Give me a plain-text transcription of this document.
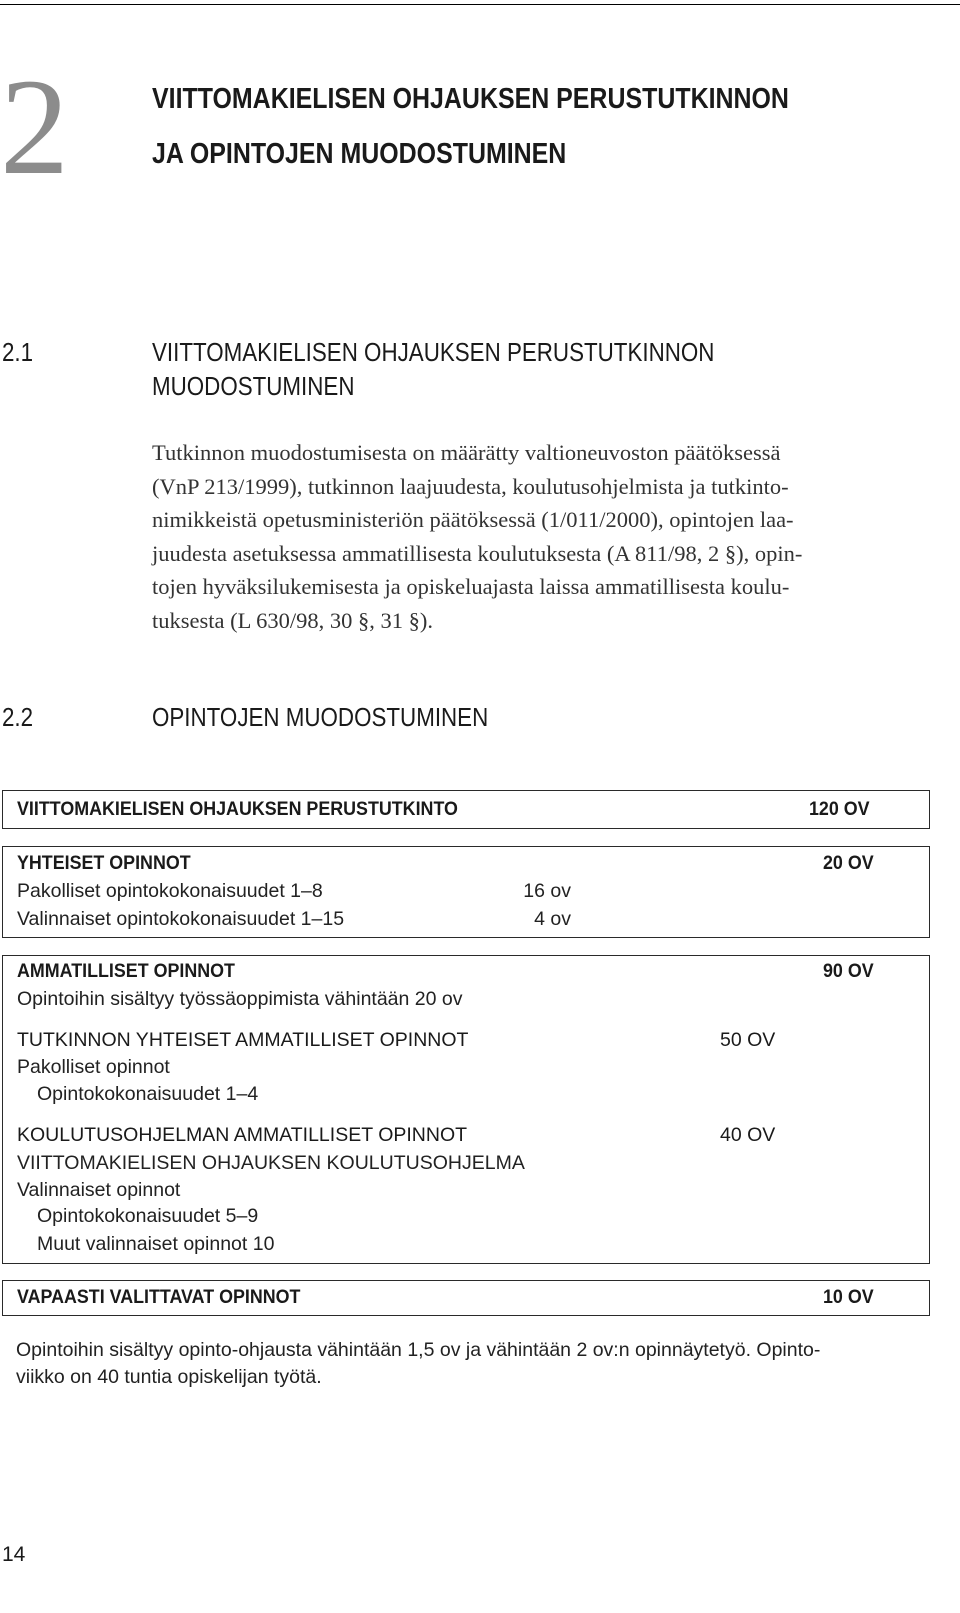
2	VIITTOMAKIELISEN OHJAUKSEN PERUSTUTKINNON
JA OPINTOJEN MUODOSTUMINEN
2.1	VIITTOMAKIELISEN OHJAUKSEN PERUSTUTKINNON
MUODOSTUMINEN
Tutkinnon muodostumisesta on määrätty valtioneuvoston päätöksessä
(VnP 213/1999), tutkinnon laajuudesta, koulutusohjelmista ja tutkinto-
nimikkeistä opetusministeriön päätöksessä (1/011/2000), opintojen laa-
juudesta asetuksessa ammatillisesta koulutuksesta (A 811/98, 2 §), opin-
tojen hyväksilukemisesta ja opiskeluajasta laissa ammatillisesta koulu-
tuksesta (L 630/98, 30 §, 31 §).
2.2	OPINTOJEN MUODOSTUMINEN
VIITTOMAKIELISEN OHJAUKSEN PERUSTUTKINTO	120 OV
YHTEISET OPINNOT	20 OV
Pakolliset opintokokonaisuudet 1–8	16 ov
Valinnaiset opintokokonaisuudet 1–15	4 ov
AMMATILLISET OPINNOT	90 OV
Opintoihin sisältyy työssäoppimista vähintään 20 ov
TUTKINNON YHTEISET AMMATILLISET OPINNOT	50 OV
Pakolliset opinnot
Opintokokonaisuudet 1–4
KOULUTUSOHJELMAN AMMATILLISET OPINNOT	40 OV
VIITTOMAKIELISEN OHJAUKSEN KOULUTUSOHJELMA
Valinnaiset opinnot
Opintokokonaisuudet 5–9
Muut valinnaiset opinnot 10
VAPAASTI VALITTAVAT OPINNOT	10 OV
Opintoihin sisältyy opinto-ohjausta vähintään 1,5 ov ja vähintään 2 ov:n opinnäytetyö. Opinto-
viikko on 40 tuntia opiskelijan työtä.
14
